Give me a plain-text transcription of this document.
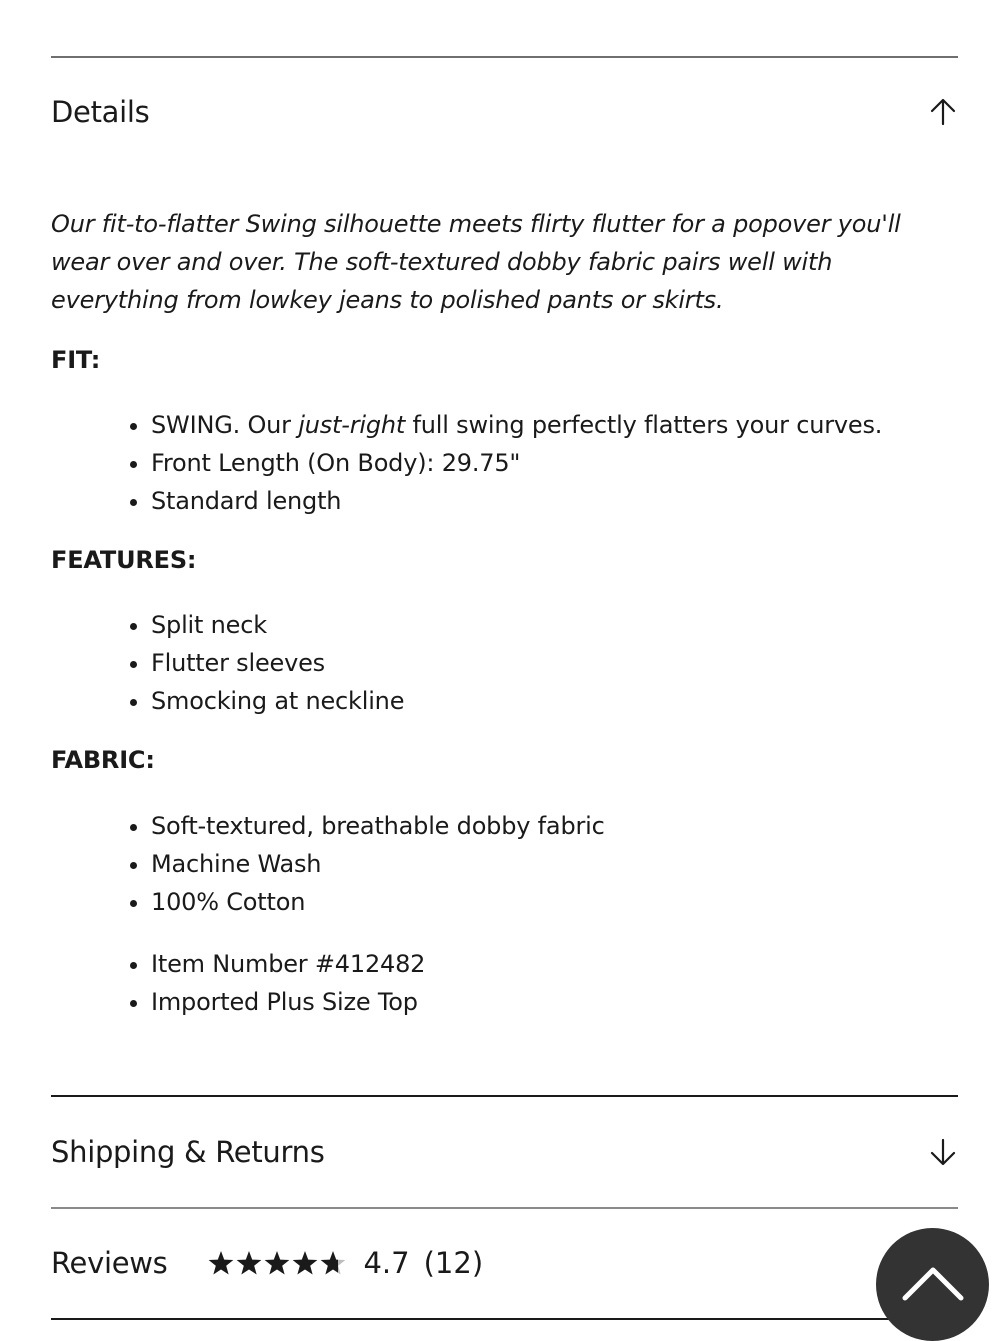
Details

Our fit-to-flatter Swing silhouette meets flirty flutter for a popover you'll wear over and over. The soft-textured dobby fabric pairs well with everything from lowkey jeans to polished pants or skirts.

FIT:
• SWING. Our just-right full swing perfectly flatters your curves.
• Front Length (On Body): 29.75"
• Standard length
FEATURES:
• Split neck
• Flutter sleeves
• Smocking at neckline
FABRIC:
• Soft-textured, breathable dobby fabric
• Machine Wash
• 100% Cotton
• Item Number #412482
• Imported Plus Size Top
Shipping & Returns
Reviews	4.7 (12)
